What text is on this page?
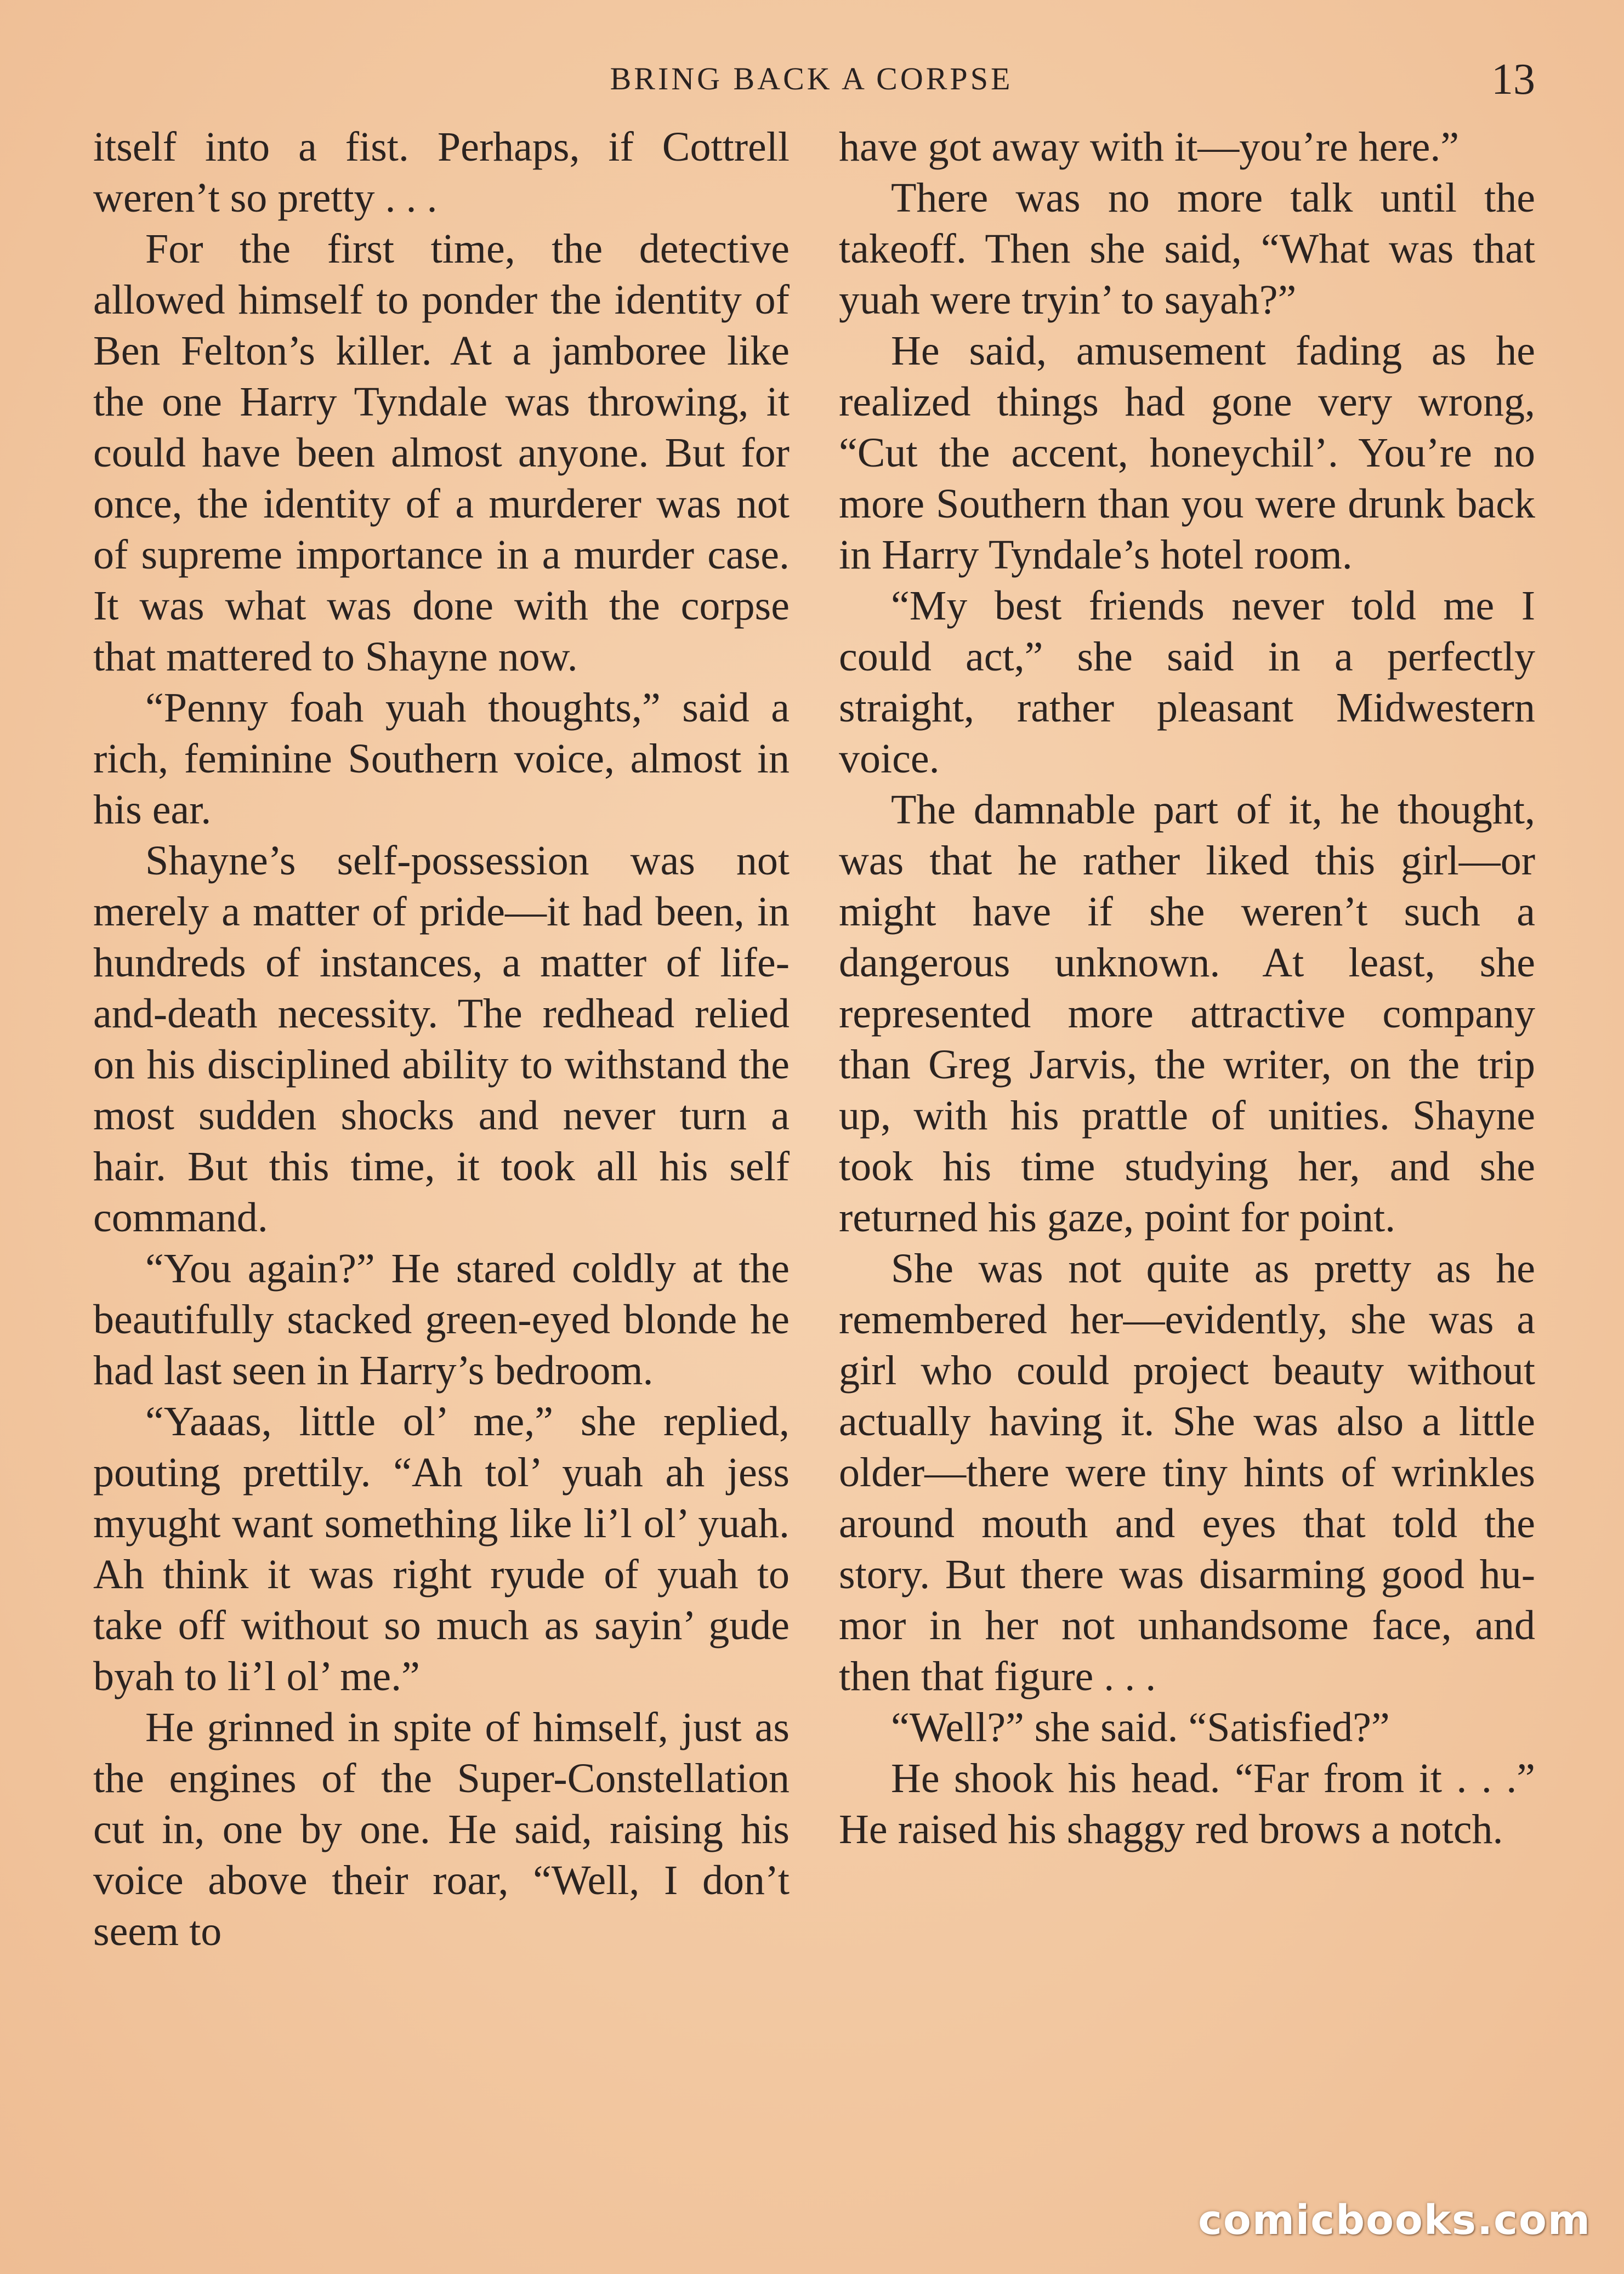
BRING BACK A CORPSE	13

itself into a fist. Perhaps, if Cottrell weren’t so pretty . . .

For the first time, the detective allowed himself to ponder the identity of Ben Felton’s killer. At a jamboree like the one Harry Tyndale was throwing, it could have been almost anyone. But for once, the identity of a murderer was not of supreme importance in a murder case. It was what was done with the corpse that mattered to Shayne now.

“Penny foah yuah thoughts,” said a rich, feminine Southern voice, almost in his ear.

Shayne’s self-possession was not merely a matter of pride—it had been, in hundreds of instances, a matter of life-and-death necessity. The redhead relied on his disciplined ability to withstand the most sudden shocks and never turn a hair. But this time, it took all his self command.

“You again?” He stared coldly at the beautifully stacked green-eyed blonde he had last seen in Harry’s bedroom.

“Yaaas, little ol’ me,” she replied, pouting prettily. “Ah tol’ yuah ah jess myught want something like li’l ol’ yuah. Ah think it was right ryude of yuah to take off without so much as sayin’ gude byah to li’l ol’ me.”

He grinned in spite of himself, just as the engines of the Super-Constellation cut in, one by one. He said, raising his voice above their roar, “Well, I don’t seem to

have got away with it—you’re here.”

There was no more talk until the takeoff. Then she said, “What was that yuah were tryin’ to sayah?”

He said, amusement fading as he realized things had gone very wrong, “Cut the accent, honeychil’. You’re no more Southern than you were drunk back in Harry Tyndale’s hotel room.

“My best friends never told me I could act,” she said in a perfectly straight, rather pleasant Midwestern voice.

The damnable part of it, he thought, was that he rather liked this girl—or might have if she weren’t such a dangerous unknown. At least, she represented more attractive company than Greg Jarvis, the writer, on the trip up, with his prattle of unities. Shayne took his time studying her, and she returned his gaze, point for point.

She was not quite as pretty as he remembered her—evidently, she was a girl who could project beauty without actually having it. She was also a little older—there were tiny hints of wrinkles around mouth and eyes that told the story. But there was disarming good humor in her not unhandsome face, and then that figure . . .

“Well?” she said. “Satisfied?”

He shook his head. “Far from it . . .” He raised his shaggy red brows a notch.

comicbooks.com
